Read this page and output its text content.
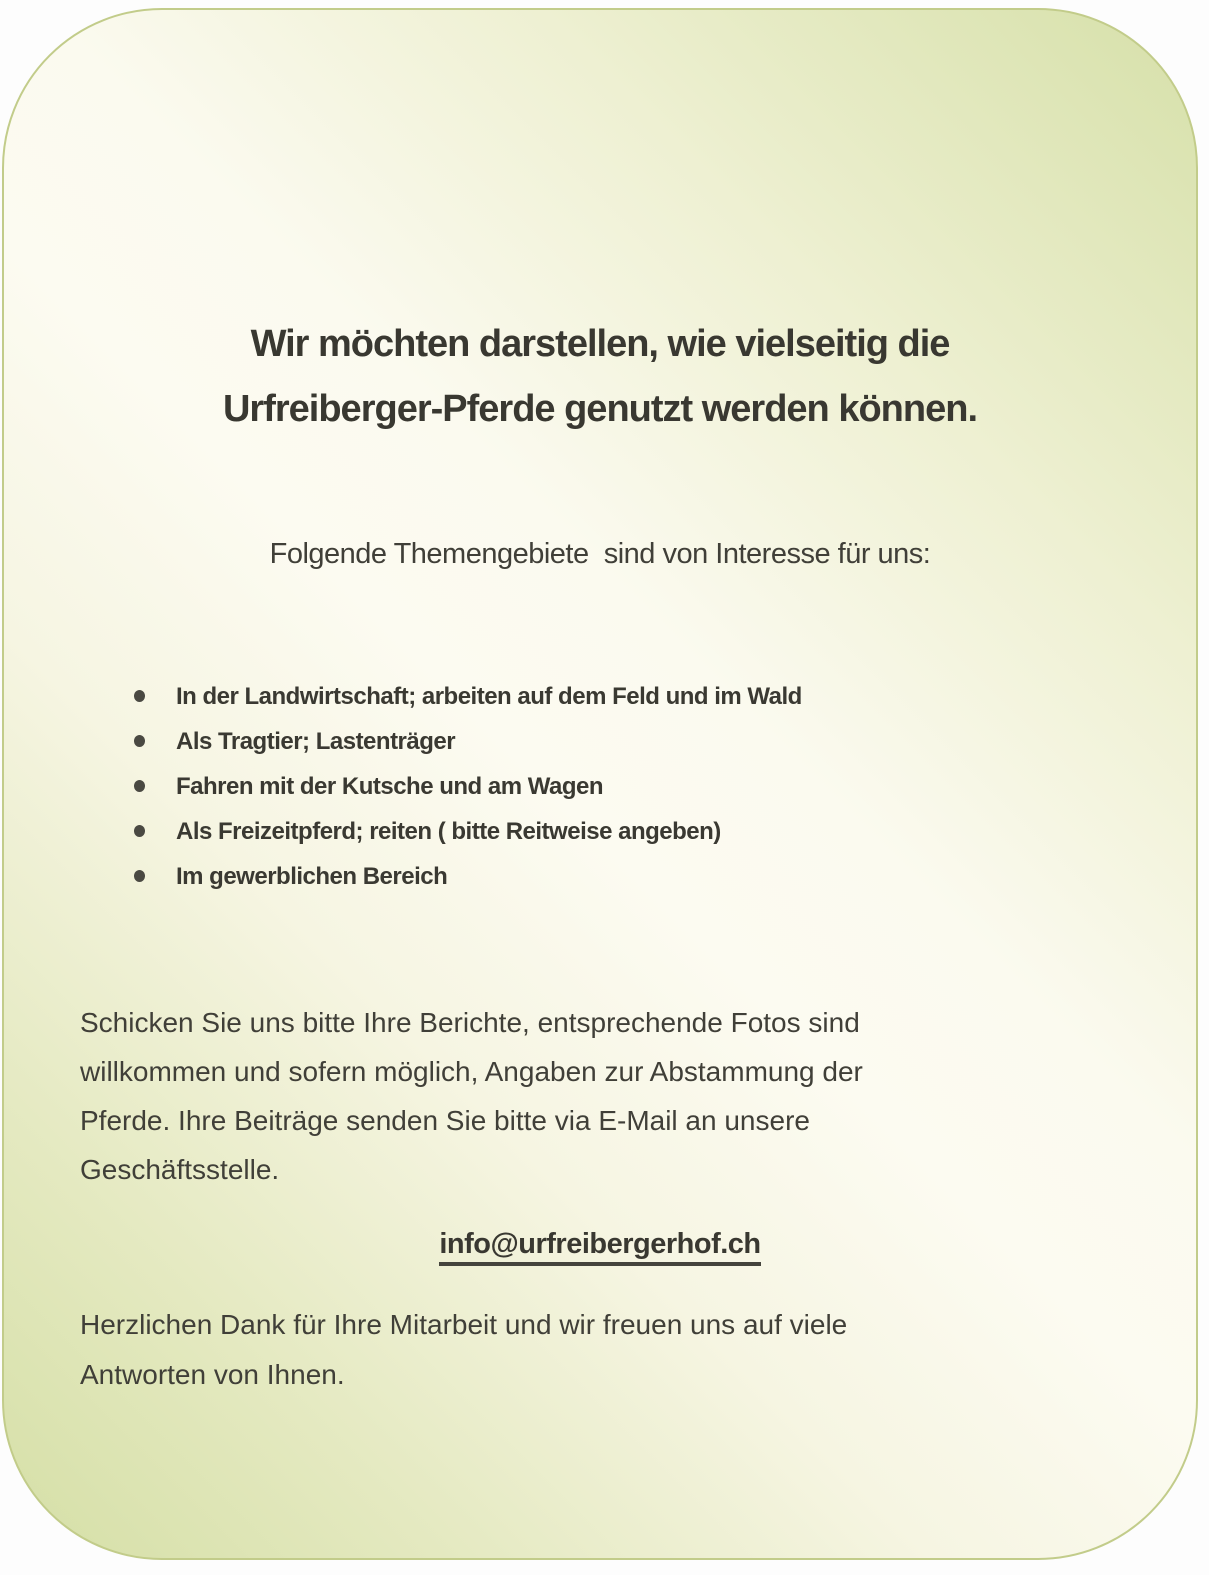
Wir möchten darstellen, wie vielseitig die
Urfreiberger-Pferde genutzt werden können.
Folgende Themengebiete  sind von Interesse für uns:
In der Landwirtschaft; arbeiten auf dem Feld und im Wald
Als Tragtier; Lastenträger
Fahren mit der Kutsche und am Wagen
Als Freizeitpferd; reiten ( bitte Reitweise angeben)
Im gewerblichen Bereich
Schicken Sie uns bitte Ihre Berichte, entsprechende Fotos sind
willkommen und sofern möglich, Angaben zur Abstammung der
Pferde. Ihre Beiträge senden Sie bitte via E-Mail an unsere
Geschäftsstelle.
info@urfreibergerhof.ch
Herzlichen Dank für Ihre Mitarbeit und wir freuen uns auf viele
Antworten von Ihnen.
